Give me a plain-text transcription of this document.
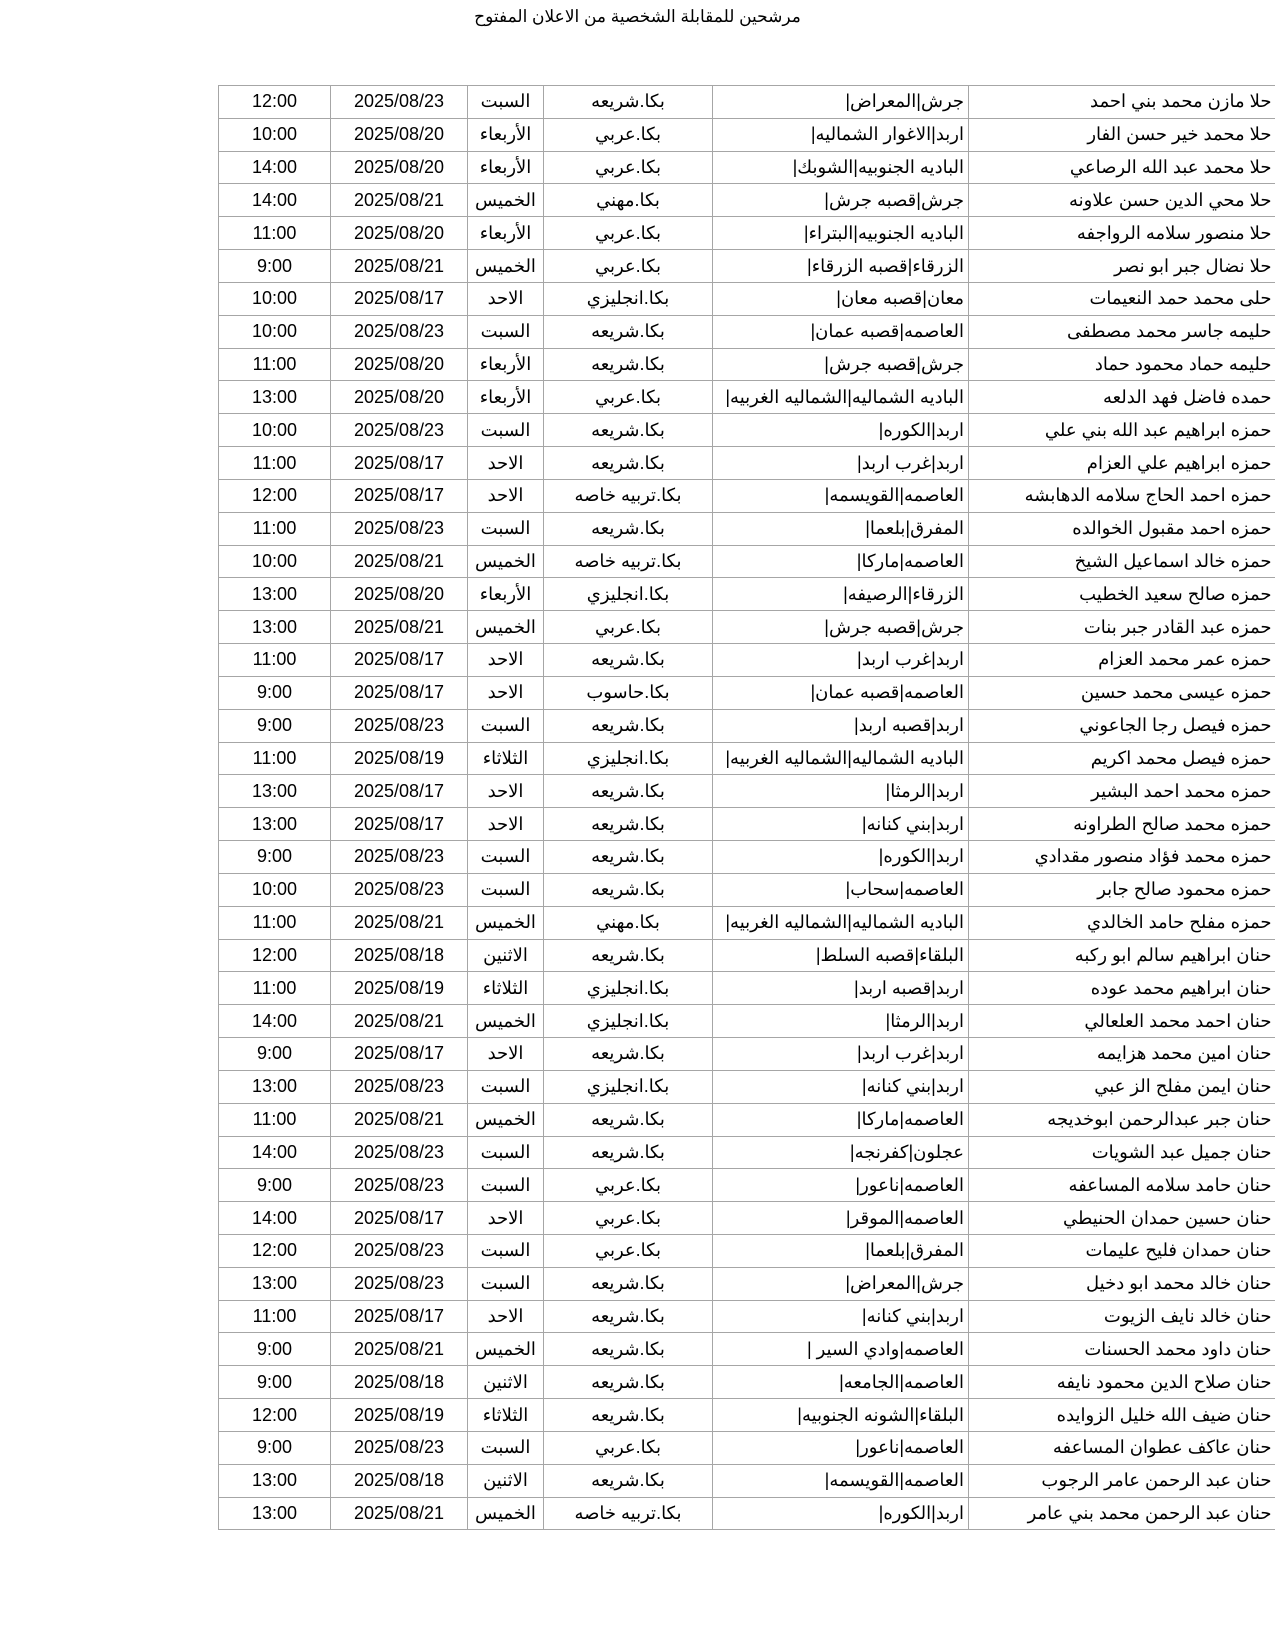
مرشحين للمقابلة الشخصية من الاعلان المفتوح
حلا مازن محمد بني احمد	جرش|المعراض|	بكا.شريعه	السبت	2025/08/23	12:00
حلا محمد خير حسن الفار	اربد|الاغوار الشماليه|	بكا.عربي	الأربعاء	2025/08/20	10:00
حلا محمد عبد الله الرصاعي	الباديه الجنوبيه|الشوبك|	بكا.عربي	الأربعاء	2025/08/20	14:00
حلا محي الدين حسن علاونه	جرش|قصبه جرش|	بكا.مهني	الخميس	2025/08/21	14:00
حلا منصور سلامه الرواجفه	الباديه الجنوبيه|البتراء|	بكا.عربي	الأربعاء	2025/08/20	11:00
حلا نضال جبر ابو نصر	الزرقاء|قصبه الزرقاء|	بكا.عربي	الخميس	2025/08/21	9:00
حلى محمد حمد النعيمات	معان|قصبه معان|	بكا.انجليزي	الاحد	2025/08/17	10:00
حليمه جاسر محمد مصطفى	العاصمه|قصبه عمان|	بكا.شريعه	السبت	2025/08/23	10:00
حليمه حماد محمود حماد	جرش|قصبه جرش|	بكا.شريعه	الأربعاء	2025/08/20	11:00
حمده فاضل فهد الدلعه	الباديه الشماليه|الشماليه الغربيه|	بكا.عربي	الأربعاء	2025/08/20	13:00
حمزه ابراهيم عبد الله بني علي	اربد|الكوره|	بكا.شريعه	السبت	2025/08/23	10:00
حمزه ابراهيم علي العزام	اربد|غرب اربد|	بكا.شريعه	الاحد	2025/08/17	11:00
حمزه احمد الحاج سلامه الدهابشه	العاصمه|القويسمه|	بكا.تربيه خاصه	الاحد	2025/08/17	12:00
حمزه احمد مقبول الخوالده	المفرق|بلعما|	بكا.شريعه	السبت	2025/08/23	11:00
حمزه خالد اسماعيل الشيخ	العاصمه|ماركا|	بكا.تربيه خاصه	الخميس	2025/08/21	10:00
حمزه صالح سعيد الخطيب	الزرقاء|الرصيفه|	بكا.انجليزي	الأربعاء	2025/08/20	13:00
حمزه عبد القادر جبر بنات	جرش|قصبه جرش|	بكا.عربي	الخميس	2025/08/21	13:00
حمزه عمر محمد العزام	اربد|غرب اربد|	بكا.شريعه	الاحد	2025/08/17	11:00
حمزه عيسى محمد حسين	العاصمه|قصبه عمان|	بكا.حاسوب	الاحد	2025/08/17	9:00
حمزه فيصل رجا الجاعوني	اربد|قصبه اربد|	بكا.شريعه	السبت	2025/08/23	9:00
حمزه فيصل محمد اكريم	الباديه الشماليه|الشماليه الغربيه|	بكا.انجليزي	الثلاثاء	2025/08/19	11:00
حمزه محمد احمد البشير	اربد|الرمثا|	بكا.شريعه	الاحد	2025/08/17	13:00
حمزه محمد صالح الطراونه	اربد|بني كنانه|	بكا.شريعه	الاحد	2025/08/17	13:00
حمزه محمد فؤاد منصور مقدادي	اربد|الكوره|	بكا.شريعه	السبت	2025/08/23	9:00
حمزه محمود صالح جابر	العاصمه|سحاب|	بكا.شريعه	السبت	2025/08/23	10:00
حمزه مفلح حامد الخالدي	الباديه الشماليه|الشماليه الغربيه|	بكا.مهني	الخميس	2025/08/21	11:00
حنان ابراهيم سالم ابو ركبه	البلقاء|قصبه السلط|	بكا.شريعه	الاثنين	2025/08/18	12:00
حنان ابراهيم محمد عوده	اربد|قصبه اربد|	بكا.انجليزي	الثلاثاء	2025/08/19	11:00
حنان احمد محمد العلعالي	اربد|الرمثا|	بكا.انجليزي	الخميس	2025/08/21	14:00
حنان امين محمد هزايمه	اربد|غرب اربد|	بكا.شريعه	الاحد	2025/08/17	9:00
حنان ايمن مفلح الز عبي	اربد|بني كنانه|	بكا.انجليزي	السبت	2025/08/23	13:00
حنان جبر عبدالرحمن ابوخديجه	العاصمه|ماركا|	بكا.شريعه	الخميس	2025/08/21	11:00
حنان جميل عبد الشويات	عجلون|كفرنجه|	بكا.شريعه	السبت	2025/08/23	14:00
حنان حامد سلامه المساعفه	العاصمه|ناعور|	بكا.عربي	السبت	2025/08/23	9:00
حنان حسين حمدان الحنيطي	العاصمه|الموقر|	بكا.عربي	الاحد	2025/08/17	14:00
حنان حمدان فليح عليمات	المفرق|بلعما|	بكا.عربي	السبت	2025/08/23	12:00
حنان خالد محمد ابو دخيل	جرش|المعراض|	بكا.شريعه	السبت	2025/08/23	13:00
حنان خالد نايف الزيوت	اربد|بني كنانه|	بكا.شريعه	الاحد	2025/08/17	11:00
حنان داود محمد الحسنات	العاصمه|وادي السير |	بكا.شريعه	الخميس	2025/08/21	9:00
حنان صلاح الدين محمود نايفه	العاصمه|الجامعه|	بكا.شريعه	الاثنين	2025/08/18	9:00
حنان ضيف الله خليل الزوايده	البلقاء|الشونه الجنوبيه|	بكا.شريعه	الثلاثاء	2025/08/19	12:00
حنان عاكف عطوان المساعفه	العاصمه|ناعور|	بكا.عربي	السبت	2025/08/23	9:00
حنان عبد الرحمن عامر الرجوب	العاصمه|القويسمه|	بكا.شريعه	الاثنين	2025/08/18	13:00
حنان عبد الرحمن محمد بني عامر	اربد|الكوره|	بكا.تربيه خاصه	الخميس	2025/08/21	13:00
